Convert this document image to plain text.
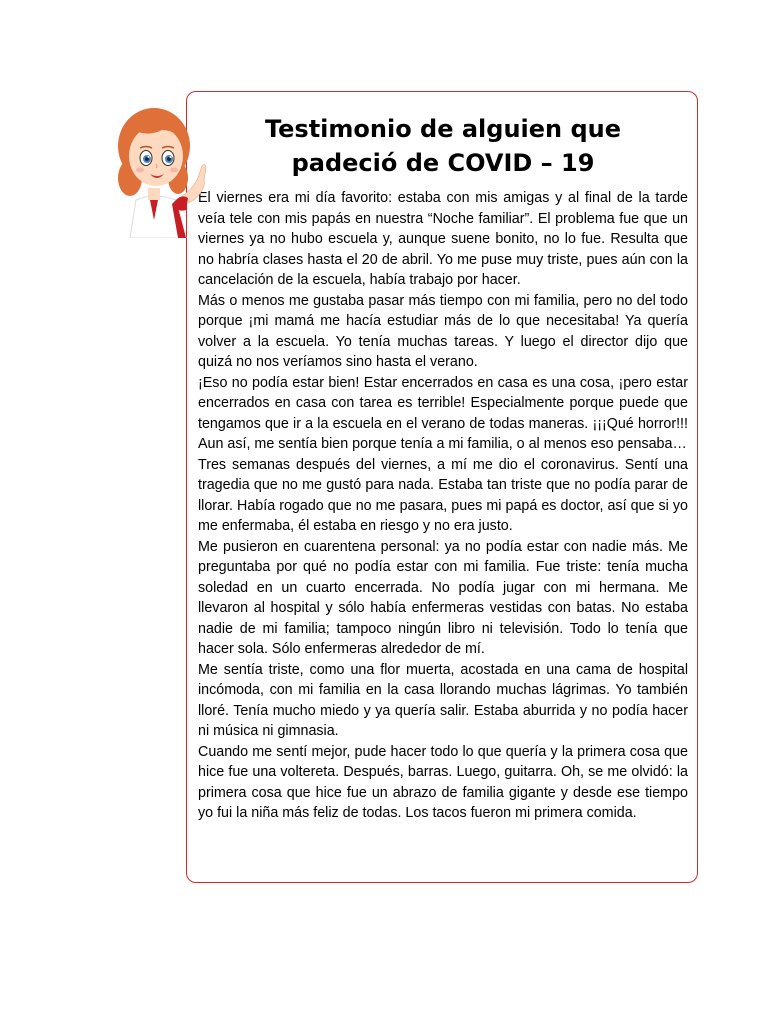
Testimonio de alguien que
padeció de COVID – 19

El viernes era mi día favorito: estaba con mis amigas y al final de la tarde veía tele con mis papás en nuestra “Noche familiar”. El problema fue que un viernes ya no hubo escuela y, aunque suene bonito, no lo fue. Resulta que no habría clases hasta el 20 de abril. Yo me puse muy triste, pues aún con la cancelación de la escuela, había trabajo por hacer.

Más o menos me gustaba pasar más tiempo con mi familia, pero no del todo porque ¡mi mamá me hacía estudiar más de lo que necesitaba! Ya quería volver a la escuela. Yo tenía muchas tareas. Y luego el director dijo que quizá no nos veríamos sino hasta el verano.

¡Eso no podía estar bien! Estar encerrados en casa es una cosa, ¡pero estar encerrados en casa con tarea es terrible! Especialmente porque puede que tengamos que ir a la escuela en el verano de todas maneras. ¡¡¡Qué horror!!! Aun así, me sentía bien porque tenía a mi familia, o al menos eso pensaba…

Tres semanas después del viernes, a mí me dio el coronavirus. Sentí una tragedia que no me gustó para nada. Estaba tan triste que no podía parar de llorar. Había rogado que no me pasara, pues mi papá es doctor, así que si yo me enfermaba, él estaba en riesgo y no era justo.

Me pusieron en cuarentena personal: ya no podía estar con nadie más. Me preguntaba por qué no podía estar con mi familia. Fue triste: tenía mucha soledad en un cuarto encerrada. No podía jugar con mi hermana. Me llevaron al hospital y sólo había enfermeras vestidas con batas. No estaba nadie de mi familia; tampoco ningún libro ni televisión. Todo lo tenía que hacer sola. Sólo enfermeras alrededor de mí.

Me sentía triste, como una flor muerta, acostada en una cama de hospital incómoda, con mi familia en la casa llorando muchas lágrimas. Yo también lloré. Tenía mucho miedo y ya quería salir. Estaba aburrida y no podía hacer ni música ni gimnasia.

Cuando me sentí mejor, pude hacer todo lo que quería y la primera cosa que hice fue una voltereta. Después, barras. Luego, guitarra. Oh, se me olvidó: la primera cosa que hice fue un abrazo de familia gigante y desde ese tiempo yo fui la niña más feliz de todas. Los tacos fueron mi primera comida.
